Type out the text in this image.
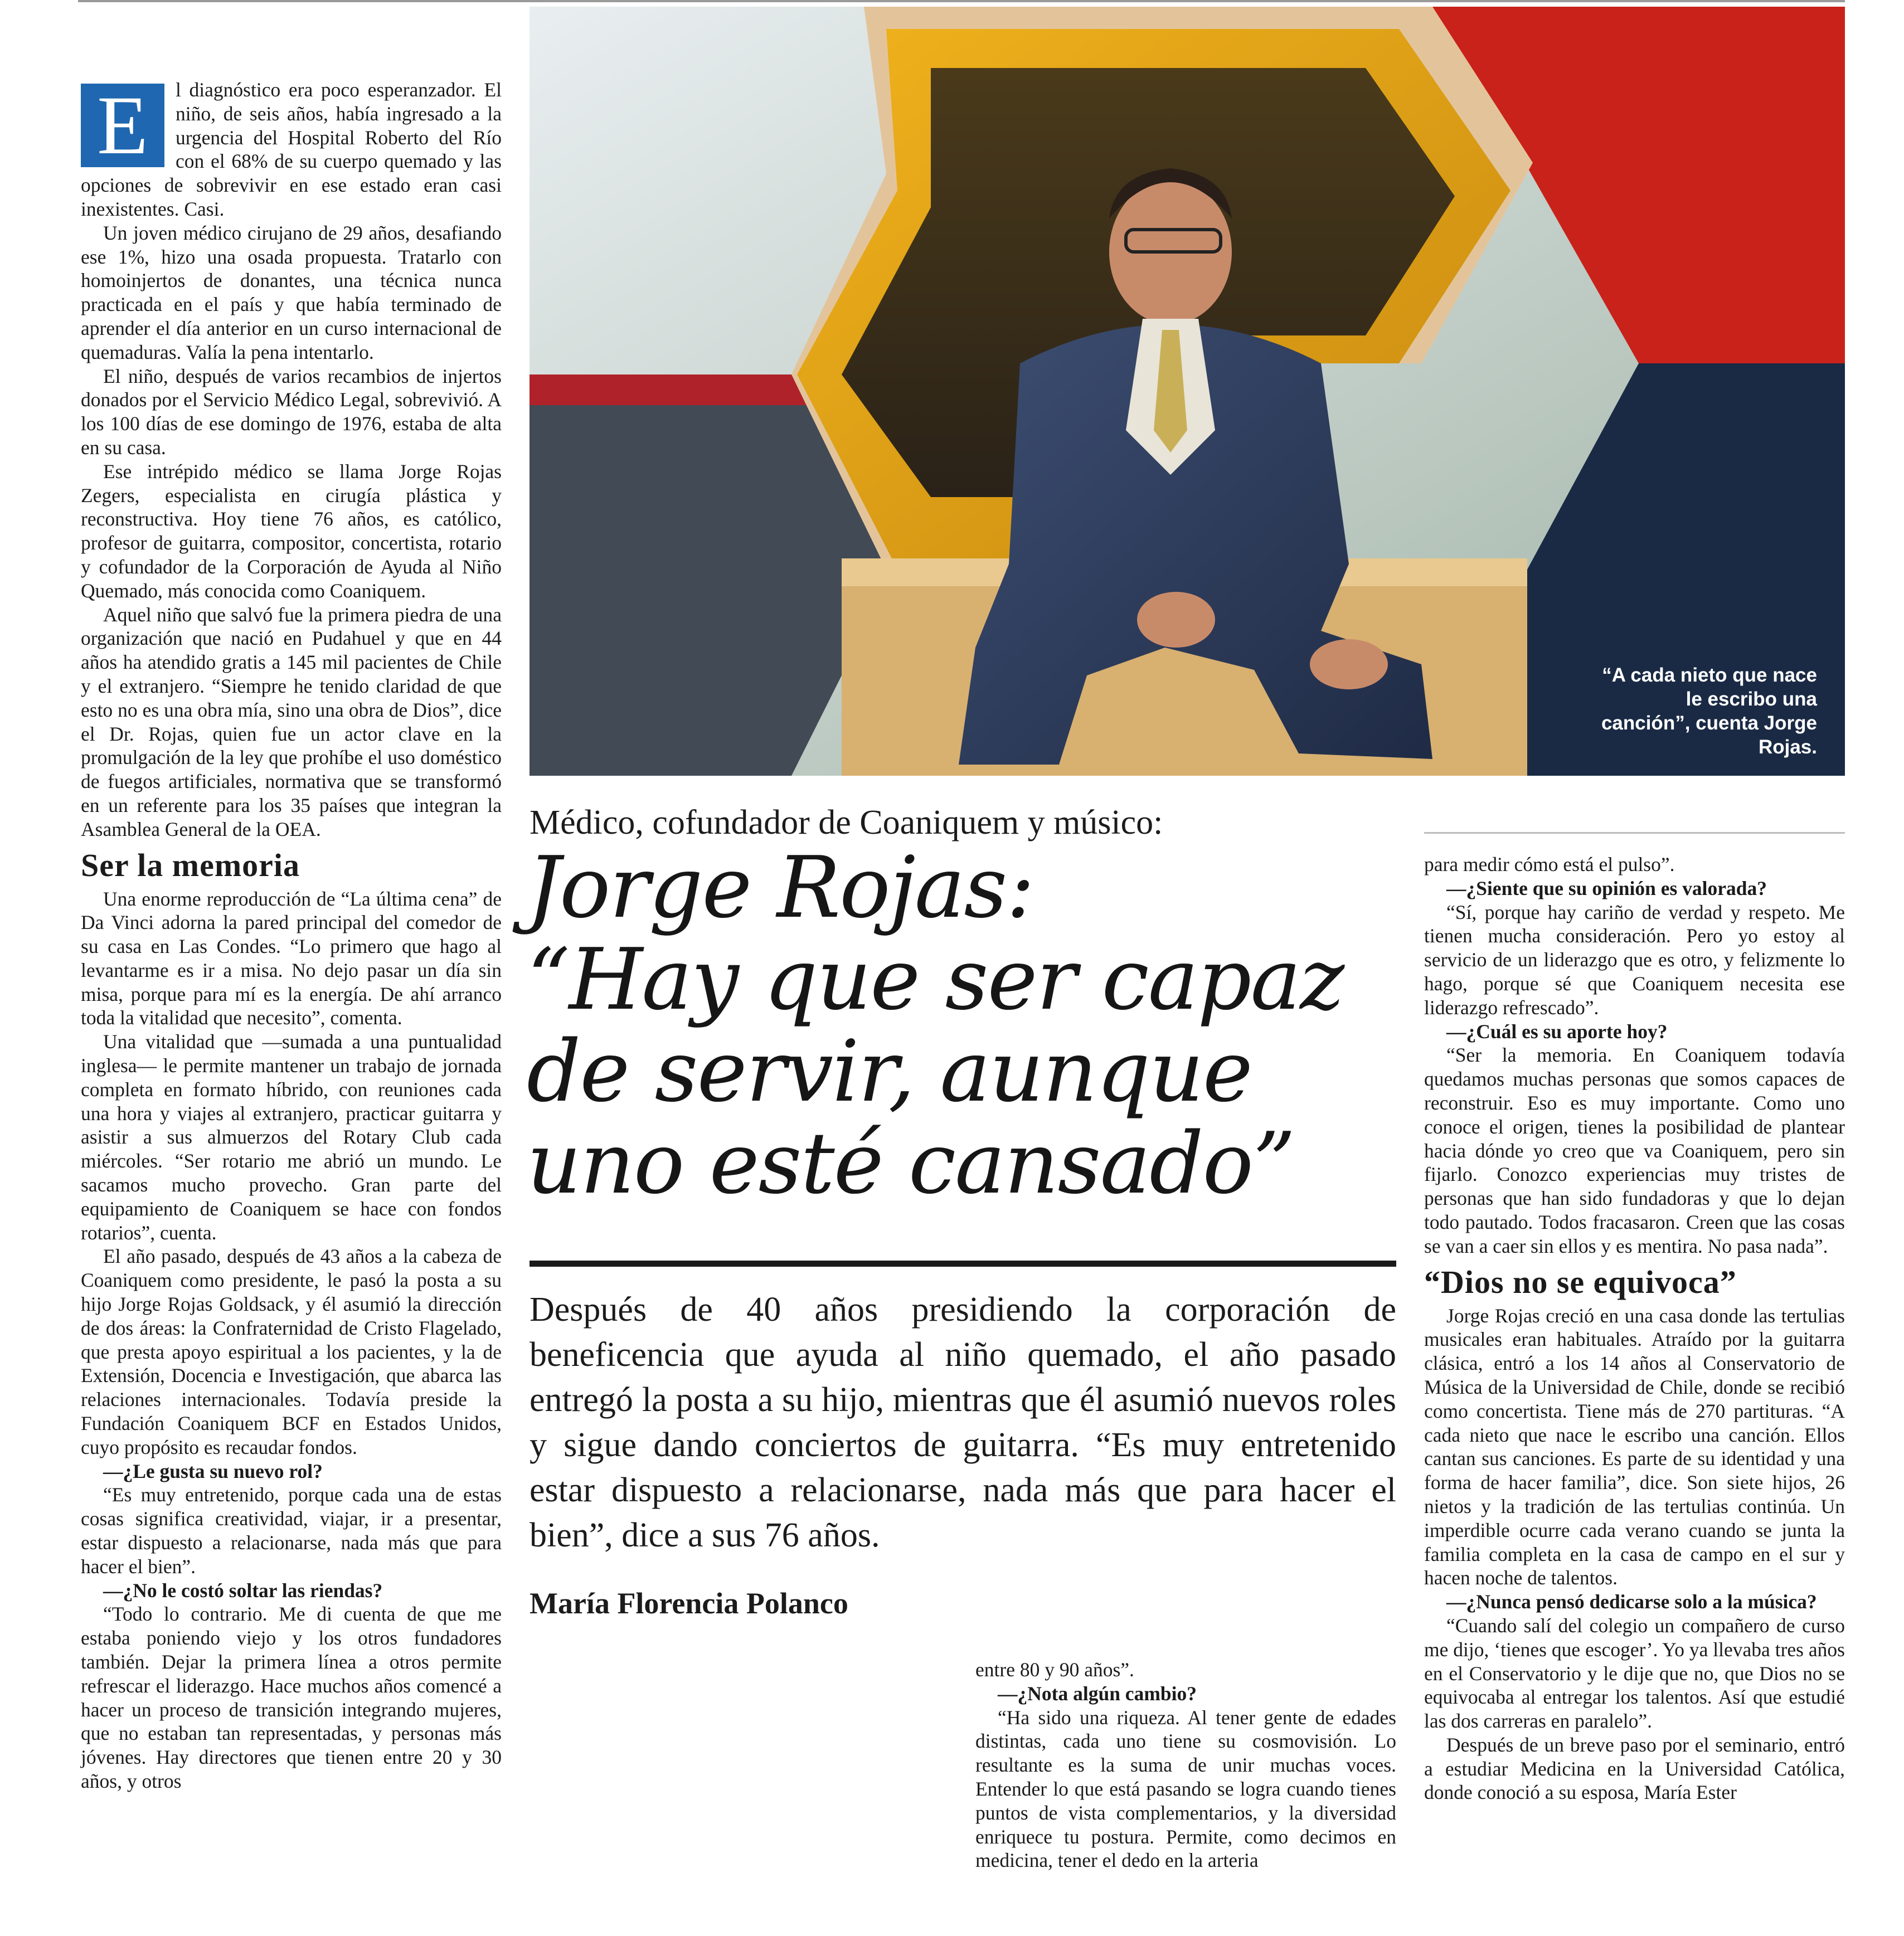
E	l diagnóstico era poco esperanzador. El niño, de seis años, había ingresado a la urgencia del Hospital Roberto del Río con el 68% de su cuerpo quemado y las opciones de sobrevivir en ese estado eran casi inexistentes. Casi.

Un joven médico cirujano de 29 años, desafiando ese 1%, hizo una osada propuesta. Tratarlo con homoinjertos de donantes, una técnica nunca practicada en el país y que había terminado de aprender el día anterior en un curso internacional de quemaduras. Valía la pena intentarlo.

El niño, después de varios recambios de injertos donados por el Servicio Médico Legal, sobrevivió. A los 100 días de ese domingo de 1976, estaba de alta en su casa.

Ese intrépido médico se llama Jorge Rojas Zegers, especialista en cirugía plástica y reconstructiva. Hoy tiene 76 años, es católico, profesor de guitarra, compositor, concertista, rotario y cofundador de la Corporación de Ayuda al Niño Quemado, más conocida como Coaniquem.

Aquel niño que salvó fue la primera piedra de una organización que nació en Pudahuel y que en 44 años ha atendido gratis a 145 mil pacientes de Chile y el extranjero. “Siempre he tenido claridad de que esto no es una obra mía, sino una obra de Dios”, dice el Dr. Rojas, quien fue un actor clave en la promulgación de la ley que prohíbe el uso doméstico de fuegos artificiales, normativa que se transformó en un referente para los 35 países que integran la Asamblea General de la OEA.

Ser la memoria

Una enorme reproducción de “La última cena” de Da Vinci adorna la pared principal del comedor de su casa en Las Condes. “Lo primero que hago al levantarme es ir a misa. No dejo pasar un día sin misa, porque para mí es la energía. De ahí arranco toda la vitalidad que necesito”, comenta.

Una vitalidad que —sumada a una puntualidad inglesa— le permite mantener un trabajo de jornada completa en formato híbrido, con reuniones cada una hora y viajes al extranjero, practicar guitarra y asistir a sus almuerzos del Rotary Club cada miércoles. “Ser rotario me abrió un mundo. Le sacamos mucho provecho. Gran parte del equipamiento de Coaniquem se hace con fondos rotarios”, cuenta.

El año pasado, después de 43 años a la cabeza de Coaniquem como presidente, le pasó la posta a su hijo Jorge Rojas Goldsack, y él asumió la dirección de dos áreas: la Confraternidad de Cristo Flagelado, que presta apoyo espiritual a los pacientes, y la de Extensión, Docencia e Investigación, que abarca las relaciones internacionales. Todavía preside la Fundación Coaniquem BCF en Estados Unidos, cuyo propósito es recaudar fondos.

—¿Le gusta su nuevo rol?

“Es muy entretenido, porque cada una de estas cosas significa creatividad, viajar, ir a presentar, estar dispuesto a relacionarse, nada más que para hacer el bien”.

—¿No le costó soltar las riendas?

“Todo lo contrario. Me di cuenta de que me estaba poniendo viejo y los otros fundadores también. Dejar la primera línea a otros permite refrescar el liderazgo. Hace muchos años comencé a hacer un proceso de transición integrando mujeres, que no estaban tan representadas, y personas más jóvenes. Hay directores que tienen entre 20 y 30 años, y otros

“A cada nieto que nace le escribo una canción”, cuenta Jorge Rojas.
Médico, cofundador de Coaniquem y músico:
Jorge Rojas:
“Hay que ser capaz
de servir, aunque
uno esté cansado”
Después de 40 años presidiendo la corporación de beneficencia que ayuda al niño quemado, el año pasado entregó la posta a su hijo, mientras que él asumió nuevos roles y sigue dando conciertos de guitarra. “Es muy entretenido estar dispuesto a relacionarse, nada más que para hacer el bien”, dice a sus 76 años.
María Florencia Polanco

entre 80 y 90 años”.

—¿Nota algún cambio?

“Ha sido una riqueza. Al tener gente de edades distintas, cada uno tiene su cosmovisión. Lo resultante es la suma de unir muchas voces. Entender lo que está pasando se logra cuando tienes puntos de vista complementarios, y la diversidad enriquece tu postura. Permite, como decimos en medicina, tener el dedo en la arteria

para medir cómo está el pulso”.

—¿Siente que su opinión es valorada?

“Sí, porque hay cariño de verdad y respeto. Me tienen mucha consideración. Pero yo estoy al servicio de un liderazgo que es otro, y felizmente lo hago, porque sé que Coaniquem necesita ese liderazgo refrescado”.

—¿Cuál es su aporte hoy?

“Ser la memoria. En Coaniquem todavía quedamos muchas personas que somos capaces de reconstruir. Eso es muy importante. Como uno conoce el origen, tienes la posibilidad de plantear hacia dónde yo creo que va Coaniquem, pero sin fijarlo. Conozco experiencias muy tristes de personas que han sido fundadoras y que lo dejan todo pautado. Todos fracasaron. Creen que las cosas se van a caer sin ellos y es mentira. No pasa nada”.

“Dios no se equivoca”

Jorge Rojas creció en una casa donde las tertulias musicales eran habituales. Atraído por la guitarra clásica, entró a los 14 años al Conservatorio de Música de la Universidad de Chile, donde se recibió como concertista. Tiene más de 270 partituras. “A cada nieto que nace le escribo una canción. Ellos cantan sus canciones. Es parte de su identidad y una forma de hacer familia”, dice. Son siete hijos, 26 nietos y la tradición de las tertulias continúa. Un imperdible ocurre cada verano cuando se junta la familia completa en la casa de campo en el sur y hacen noche de talentos.

—¿Nunca pensó dedicarse solo a la música?

“Cuando salí del colegio un compañero de curso me dijo, ‘tienes que escoger’. Yo ya llevaba tres años en el Conservatorio y le dije que no, que Dios no se equivocaba al entregar los talentos. Así que estudié las dos carreras en paralelo”.

Después de un breve paso por el seminario, entró a estudiar Medicina en la Universidad Católica, donde conoció a su esposa, María Ester
